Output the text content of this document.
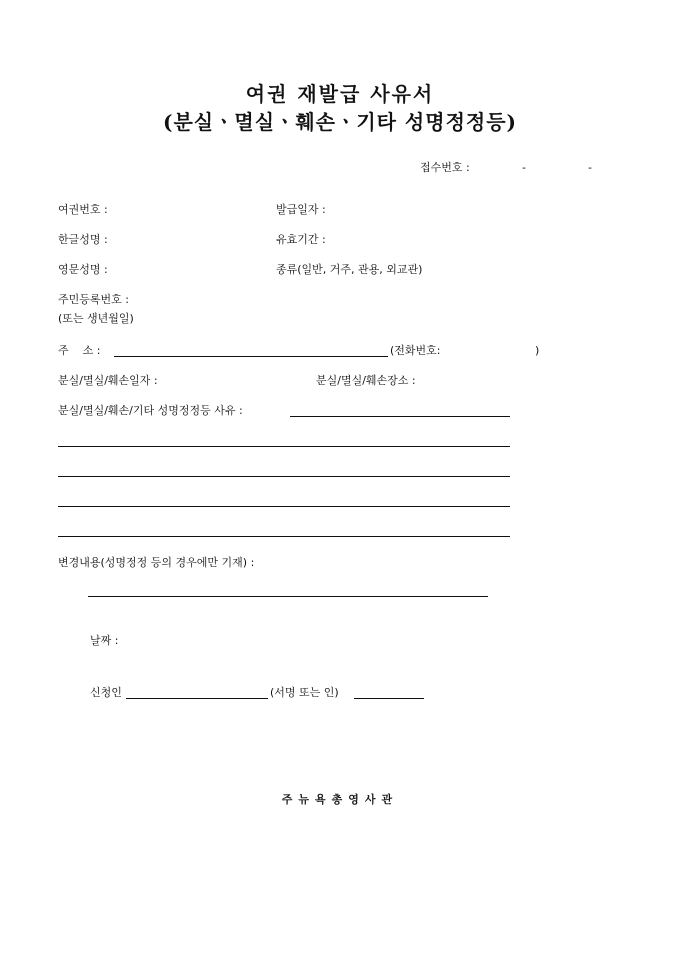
여권 재발급 사유서
(분실ㆍ멸실ㆍ훼손ㆍ기타 성명정정등)
접수번호 :	-	-
여권번호 :	발급일자 :
한글성명 :	유효기간 :
영문성명 :	종류(일반, 거주, 관용, 외교관)
주민등록번호 :
(또는 생년월일)
주    소 :	(전화번호:	)
분실/멸실/훼손일자 :	분실/멸실/훼손장소 :
분실/멸실/훼손/기타 성명정정등 사유 :
변경내용(성명정정 등의 경우에만 기재) :
날짜 :
신청인	(서명 또는 인)
주뉴욕총영사관
